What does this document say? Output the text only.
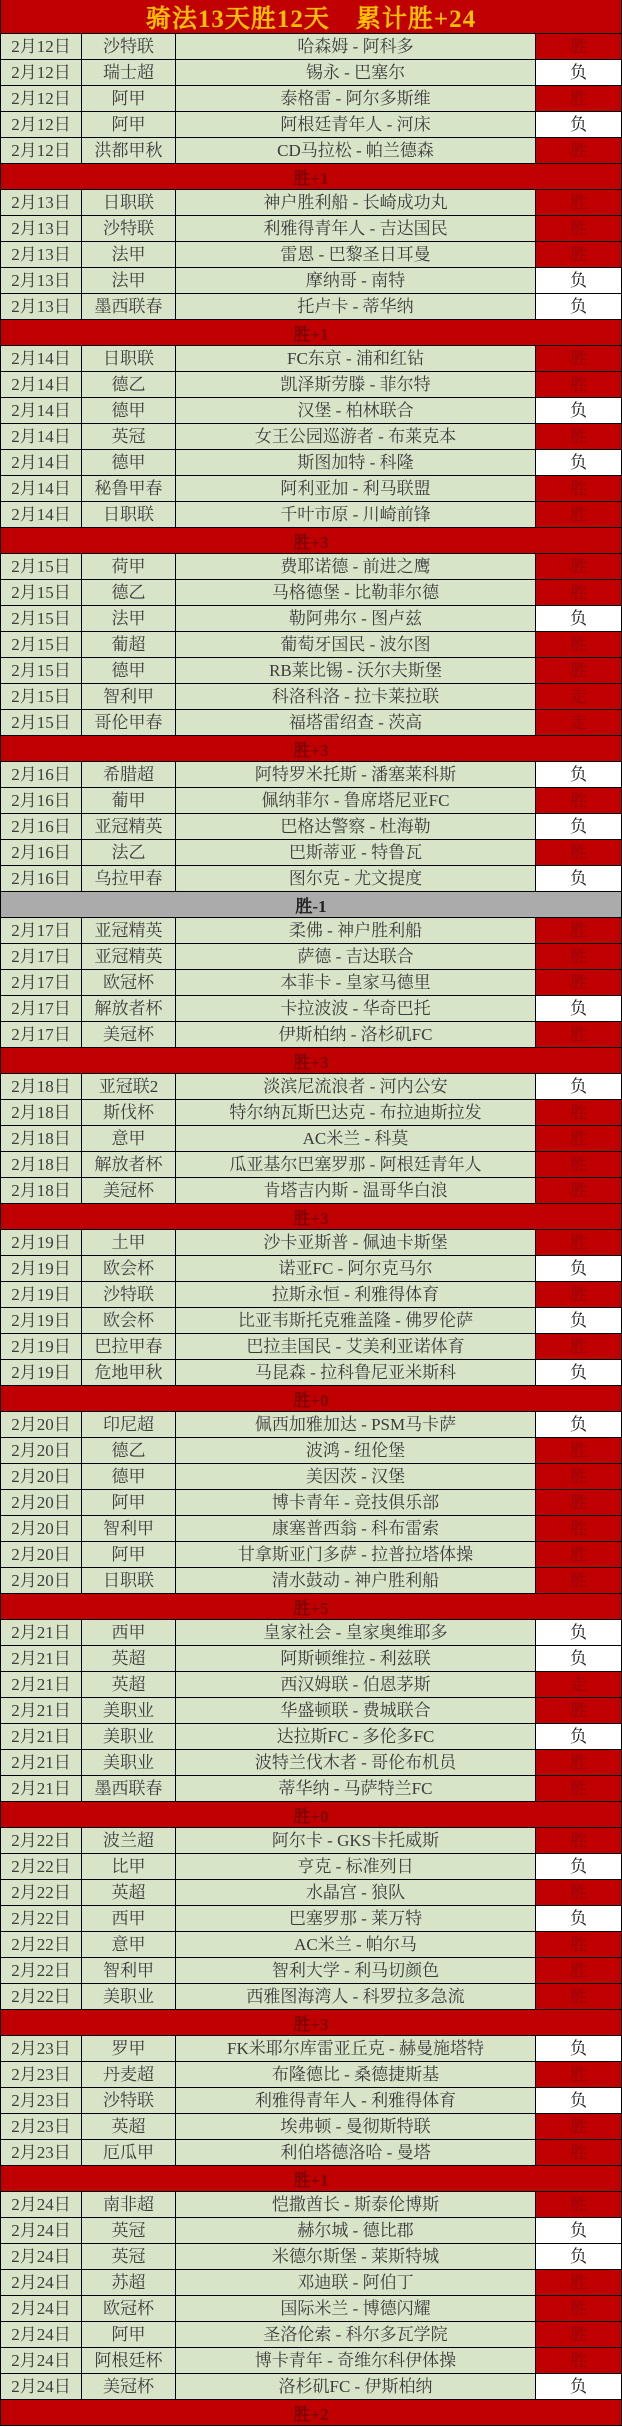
骑法13天胜12天　累计胜+24
2月12日	沙特联	哈森姆 - 阿科多	胜
2月12日	瑞士超	锡永 - 巴塞尔	负
2月12日	阿甲	泰格雷 - 阿尔多斯维	胜
2月12日	阿甲	阿根廷青年人 - 河床	负
2月12日	洪都甲秋	CD马拉松 - 帕兰德森	胜
胜+1
2月13日	日职联	神户胜利船 - 长崎成功丸	胜
2月13日	沙特联	利雅得青年人 - 吉达国民	胜
2月13日	法甲	雷恩 - 巴黎圣日耳曼	胜
2月13日	法甲	摩纳哥 - 南特	负
2月13日	墨西联春	托卢卡 - 蒂华纳	负
胜+1
2月14日	日职联	FC东京 - 浦和红钻	胜
2月14日	德乙	凯泽斯劳滕 - 菲尔特	胜
2月14日	德甲	汉堡 - 柏林联合	负
2月14日	英冠	女王公园巡游者 - 布莱克本	胜
2月14日	德甲	斯图加特 - 科隆	负
2月14日	秘鲁甲春	阿利亚加 - 利马联盟	胜
2月14日	日职联	千叶市原 - 川崎前锋	胜
胜+3
2月15日	荷甲	费耶诺德 - 前进之鹰	胜
2月15日	德乙	马格德堡 - 比勒菲尔德	胜
2月15日	法甲	勒阿弗尔 - 图卢兹	负
2月15日	葡超	葡萄牙国民 - 波尔图	胜
2月15日	德甲	RB莱比锡 - 沃尔夫斯堡	胜
2月15日	智利甲	科洛科洛 - 拉卡莱拉联	走
2月15日	哥伦甲春	福塔雷绍查 - 茨高	走
胜+3
2月16日	希腊超	阿特罗米托斯 - 潘塞莱科斯	负
2月16日	葡甲	佩纳菲尔 - 鲁席塔尼亚FC	胜
2月16日	亚冠精英	巴格达警察 - 杜海勒	负
2月16日	法乙	巴斯蒂亚 - 特鲁瓦	胜
2月16日	乌拉甲春	图尔克 - 尤文提度	负
胜-1
2月17日	亚冠精英	柔佛 - 神户胜利船	胜
2月17日	亚冠精英	萨德 - 吉达联合	胜
2月17日	欧冠杯	本菲卡 - 皇家马德里	胜
2月17日	解放者杯	卡拉波波 - 华奇巴托	负
2月17日	美冠杯	伊斯柏纳 - 洛杉矶FC	胜
胜+3
2月18日	亚冠联2	淡滨尼流浪者 - 河内公安	负
2月18日	斯伐杯	特尔纳瓦斯巴达克 - 布拉迪斯拉发	胜
2月18日	意甲	AC米兰 - 科莫	胜
2月18日	解放者杯	瓜亚基尔巴塞罗那 - 阿根廷青年人	胜
2月18日	美冠杯	肯塔吉内斯 - 温哥华白浪	胜
胜+3
2月19日	土甲	沙卡亚斯普 - 佩迪卡斯堡	胜
2月19日	欧会杯	诺亚FC - 阿尔克马尔	负
2月19日	沙特联	拉斯永恒 - 利雅得体育	胜
2月19日	欧会杯	比亚韦斯托克雅盖隆 - 佛罗伦萨	负
2月19日	巴拉甲春	巴拉圭国民 - 艾美利亚诺体育	胜
2月19日	危地甲秋	马昆森 - 拉科鲁尼亚米斯科	负
胜+0
2月20日	印尼超	佩西加雅加达 - PSM马卡萨	负
2月20日	德乙	波鸿 - 纽伦堡	胜
2月20日	德甲	美因茨 - 汉堡	胜
2月20日	阿甲	博卡青年 - 竞技俱乐部	胜
2月20日	智利甲	康塞普西翁 - 科布雷索	胜
2月20日	阿甲	甘拿斯亚门多萨 - 拉普拉塔体操	胜
2月20日	日职联	清水鼓动 - 神户胜利船	胜
胜+5
2月21日	西甲	皇家社会 - 皇家奥维耶多	负
2月21日	英超	阿斯顿维拉 - 利兹联	负
2月21日	英超	西汉姆联 - 伯恩茅斯	走
2月21日	美职业	华盛顿联 - 费城联合	胜
2月21日	美职业	达拉斯FC - 多伦多FC	负
2月21日	美职业	波特兰伐木者 - 哥伦布机员	胜
2月21日	墨西联春	蒂华纳 - 马萨特兰FC	胜
胜+0
2月22日	波兰超	阿尔卡 - GKS卡托威斯	胜
2月22日	比甲	亨克 - 标准列日	负
2月22日	英超	水晶宫 - 狼队	胜
2月22日	西甲	巴塞罗那 - 莱万特	负
2月22日	意甲	AC米兰 - 帕尔马	胜
2月22日	智利甲	智利大学 - 利马切颜色	胜
2月22日	美职业	西雅图海湾人 - 科罗拉多急流	胜
胜+3
2月23日	罗甲	FK米耶尔库雷亚丘克 - 赫曼施塔特	负
2月23日	丹麦超	布隆德比 - 桑德捷斯基	胜
2月23日	沙特联	利雅得青年人 - 利雅得体育	负
2月23日	英超	埃弗顿 - 曼彻斯特联	胜
2月23日	厄瓜甲	利伯塔德洛哈 - 曼塔	胜
胜+1
2月24日	南非超	恺撒酋长 - 斯泰伦博斯	胜
2月24日	英冠	赫尔城 - 德比郡	负
2月24日	英冠	米德尔斯堡 - 莱斯特城	负
2月24日	苏超	邓迪联 - 阿伯丁	胜
2月24日	欧冠杯	国际米兰 - 博德闪耀	胜
2月24日	阿甲	圣洛伦索 - 科尔多瓦学院	胜
2月24日	阿根廷杯	博卡青年 - 奇维尔科伊体操	胜
2月24日	美冠杯	洛杉矶FC - 伊斯柏纳	负
胜+2
